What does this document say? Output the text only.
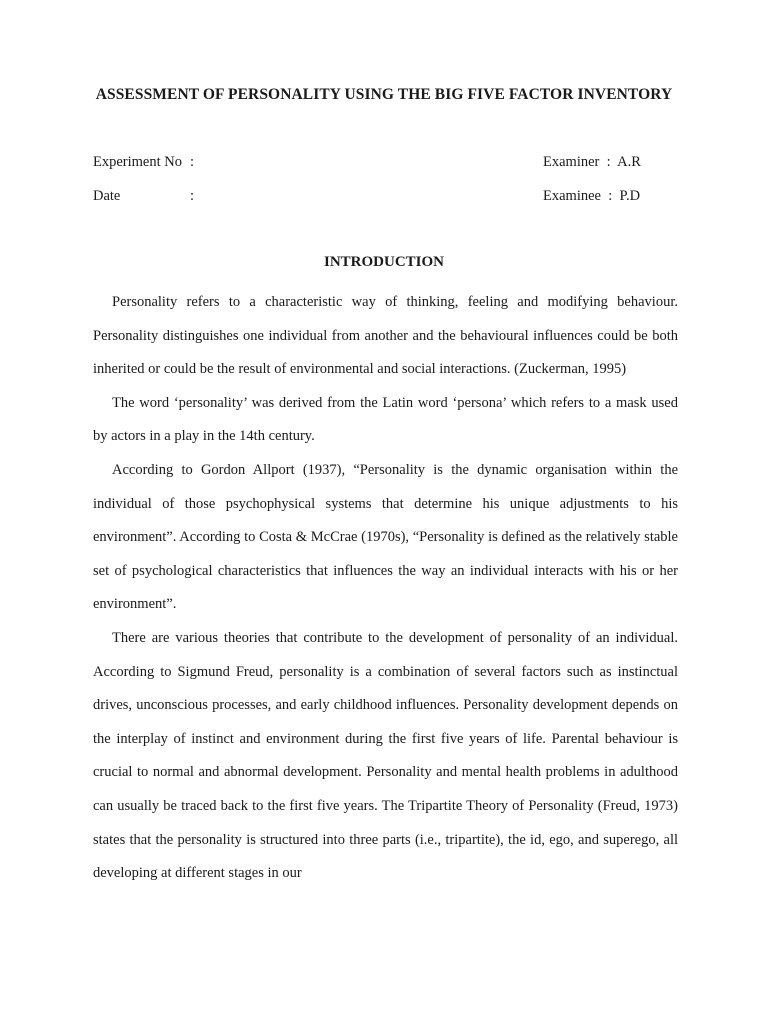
ASSESSMENT OF PERSONALITY USING THE BIG FIVE FACTOR INVENTORY
Experiment No :	Examiner  :  A.R
Date	:	Examinee  :  P.D
INTRODUCTION

Personality refers to a characteristic way of thinking, feeling and modifying behaviour. Personality distinguishes one individual from another and the behavioural influences could be both inherited or could be the result of environmental and social interactions. (Zuckerman, 1995)

The word ‘personality’ was derived from the Latin word ‘persona’ which refers to a mask used by actors in a play in the 14th century.

According to Gordon Allport (1937), “Personality is the dynamic organisation within the individual of those psychophysical systems that determine his unique adjustments to his environment”. According to Costa & McCrae (1970s), “Personality is defined as the relatively stable set of psychological characteristics that influences the way an individual interacts with his or her environment”.

There are various theories that contribute to the development of personality of an individual. According to Sigmund Freud, personality is a combination of several factors such as instinctual drives, unconscious processes, and early childhood influences. Personality development depends on the interplay of instinct and environment during the first five years of life. Parental behaviour is crucial to normal and abnormal development. Personality and mental health problems in adulthood can usually be traced back to the first five years. The Tripartite Theory of Personality (Freud, 1973) states that the personality is structured into three parts (i.e., tripartite), the id, ego, and superego, all developing at different stages in our
